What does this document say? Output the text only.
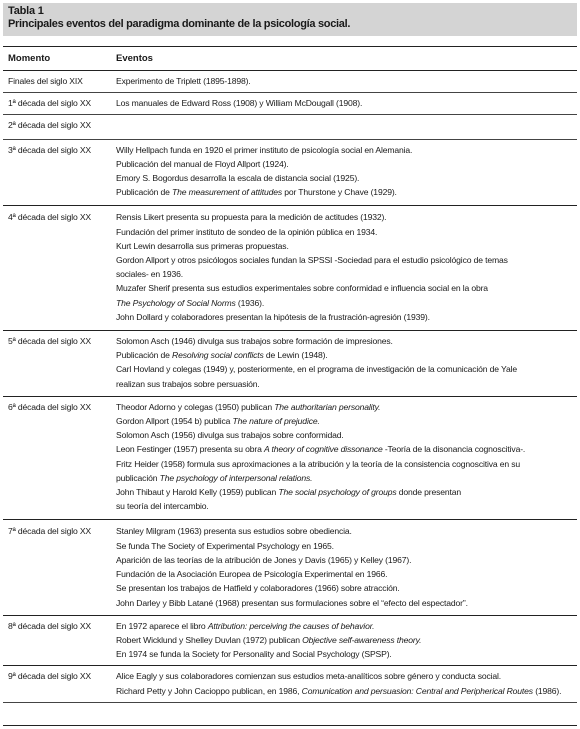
Tabla 1
Principales eventos del paradigma dominante de la psicología social.
Momento	Eventos
Finales del siglo XIX	Experimento de Triplett (1895-1898).
1ª década del siglo XX	Los manuales de Edward Ross (1908) y William McDougall (1908).
2ª década del siglo XX
3ª década del siglo XX	Willy Hellpach funda en 1920 el primer instituto de psicología social en Alemania.
Publicación del manual de Floyd Allport (1924).
Emory S. Bogordus desarrolla la escala de distancia social (1925).
Publicación de The measurement of attitudes por Thurstone y Chave (1929).
4ª década del siglo XX	Rensis Likert presenta su propuesta para la medición de actitudes (1932).
Fundación del primer instituto de sondeo de la opinión pública en 1934.
Kurt Lewin desarrolla sus primeras propuestas.
Gordon Allport y otros psicólogos sociales fundan la SPSSI -Sociedad para el estudio psicológico de temas
sociales- en 1936.
Muzafer Sherif presenta sus estudios experimentales sobre conformidad e influencia social en la obra
The Psychology of Social Norms (1936).
John Dollard y colaboradores presentan la hipótesis de la frustración-agresión (1939).
5ª década del siglo XX	Solomon Asch (1946) divulga sus trabajos sobre formación de impresiones.
Publicación de Resolving social conflicts de Lewin (1948).
Carl Hovland y colegas (1949) y, posteriormente, en el programa de investigación de la comunicación de Yale
realizan sus trabajos sobre persuasión.
6ª década del siglo XX	Theodor Adorno y colegas (1950) publican The authoritarian personality.
Gordon Allport (1954 b) publica The nature of prejudice.
Solomon Asch (1956) divulga sus trabajos sobre conformidad.
Leon Festinger (1957) presenta su obra A theory of cognitive dissonance -Teoría de la disonancia cognoscitiva-.
Fritz Heider (1958) formula sus aproximaciones a la atribución y la teoría de la consistencia cognoscitiva en su
publicación The psychology of interpersonal relations.
John Thibaut y Harold Kelly (1959) publican The social psychology of groups donde presentan
su teoría del intercambio.
7ª década del siglo XX	Stanley Milgram (1963) presenta sus estudios sobre obediencia.
Se funda The Society of Experimental Psychology en 1965.
Aparición de las teorías de la atribución de Jones y Davis (1965) y Kelley (1967).
Fundación de la Asociación Europea de Psicología Experimental en 1966.
Se presentan los trabajos de Hatfield y colaboradores (1966) sobre atracción.
John Darley y Bibb Latané (1968) presentan sus formulaciones sobre el “efecto del espectador”.
8ª década del siglo XX	En 1972 aparece el libro Attribution: perceiving the causes of behavior.
Robert Wicklund y Shelley Duvlan (1972) publican Objective self-awareness theory.
En 1974 se funda la Society for Personality and Social Psychology (SPSP).
9ª década del siglo XX	Alice Eagly y sus colaboradores comienzan sus estudios meta-analíticos sobre género y conducta social.
Richard Petty y John Cacioppo publican, en 1986, Comunication and persuasion: Central and Peripherical Routes (1986).
